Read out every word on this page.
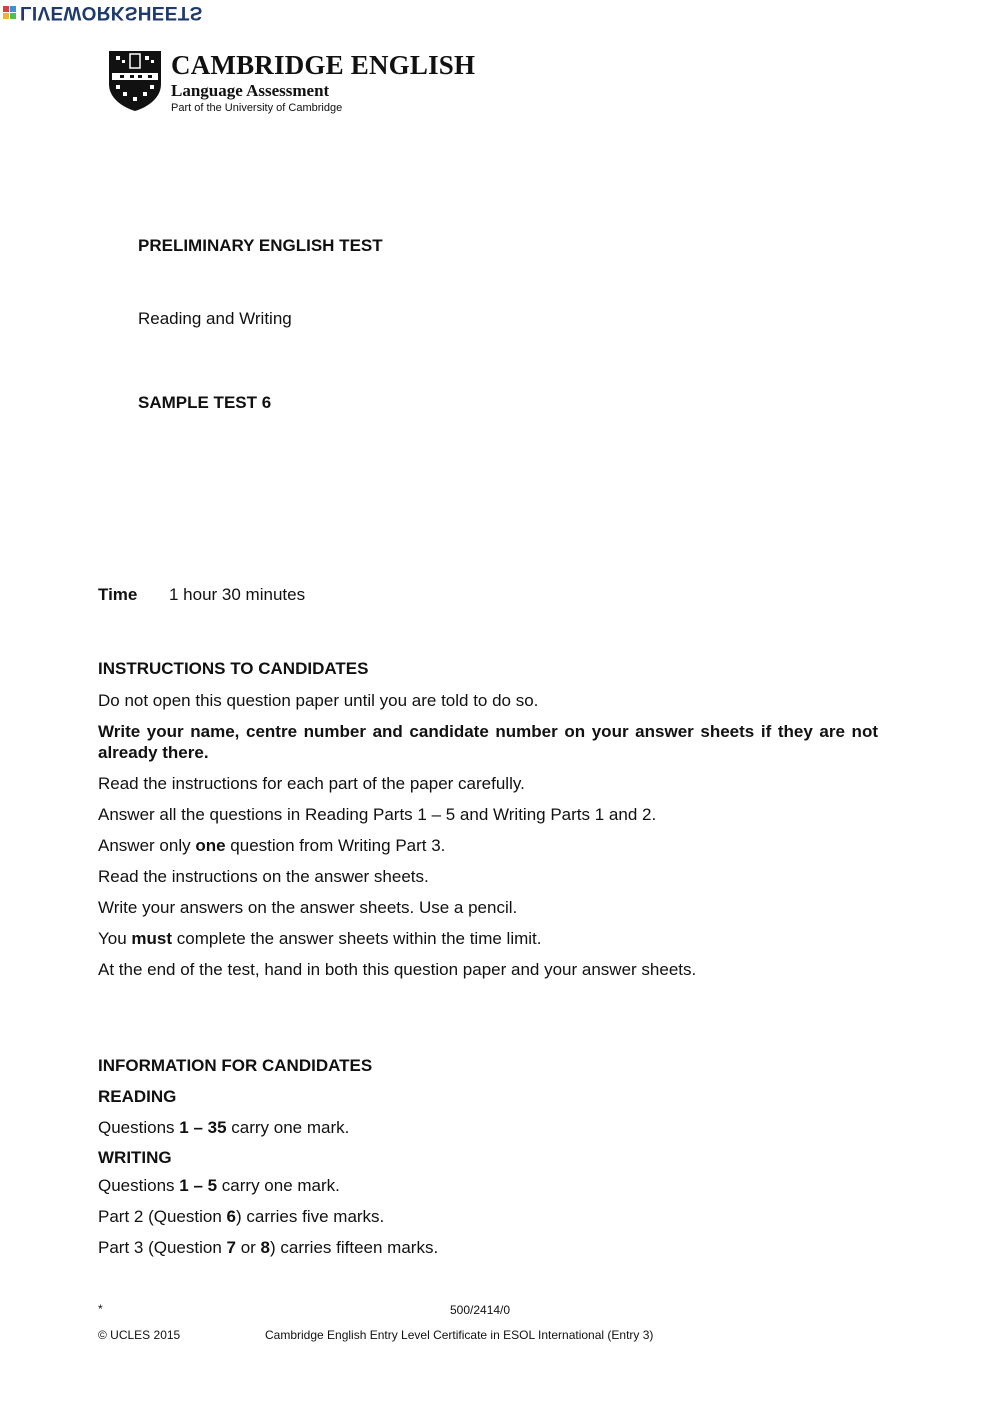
LIVEWORKSHEETS
CAMBRIDGE ENGLISH
Language Assessment
Part of the University of Cambridge
PRELIMINARY ENGLISH TEST
Reading and Writing
SAMPLE TEST 6
Time 1 hour 30 minutes

INSTRUCTIONS TO CANDIDATES

Do not open this question paper until you are told to do so.

Write your name, centre number and candidate number on your answer sheets if they are not already there.

Read the instructions for each part of the paper carefully.

Answer all the questions in Reading Parts 1 – 5 and Writing Parts 1 and 2.

Answer only one question from Writing Part 3.

Read the instructions on the answer sheets.

Write your answers on the answer sheets. Use a pencil.

You must complete the answer sheets within the time limit.

At the end of the test, hand in both this question paper and your answer sheets.

INFORMATION FOR CANDIDATES

READING

Questions 1 – 35 carry one mark.

WRITING

Questions 1 – 5 carry one mark.

Part 2 (Question 6) carries five marks.

Part 3 (Question 7 or 8) carries fifteen marks.

*	500/2414/0
© UCLES 2015	Cambridge English Entry Level Certificate in ESOL International (Entry 3)
